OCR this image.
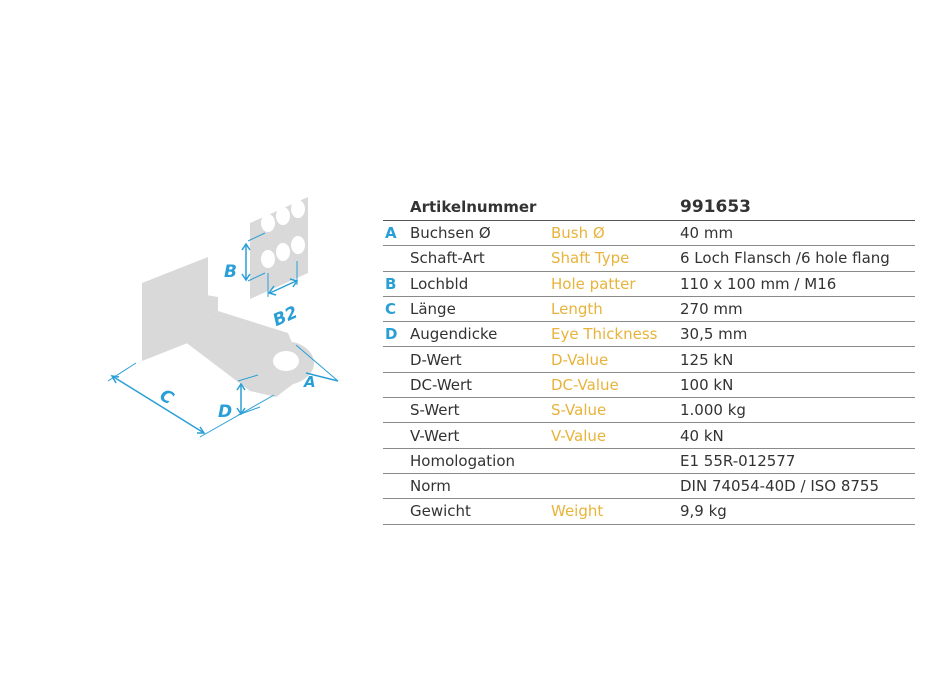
B
B2
A
C
D
Artikelnummer	991653
A Buchsen Ø	Bush Ø	40 mm
Schaft-Art	Shaft Type	6 Loch Flansch /6 hole flang
B Lochbld	Hole patter	110 x 100 mm / M16
C Länge	Length	270 mm
D Augendicke	Eye Thickness	30,5 mm
D-Wert	D-Value	125 kN
DC-Wert	DC-Value	100 kN
S-Wert	S-Value	1.000 kg
V-Wert	V-Value	40 kN
Homologation	E1 55R-012577
Norm	DIN 74054-40D / ISO 8755
Gewicht	Weight	9,9 kg
